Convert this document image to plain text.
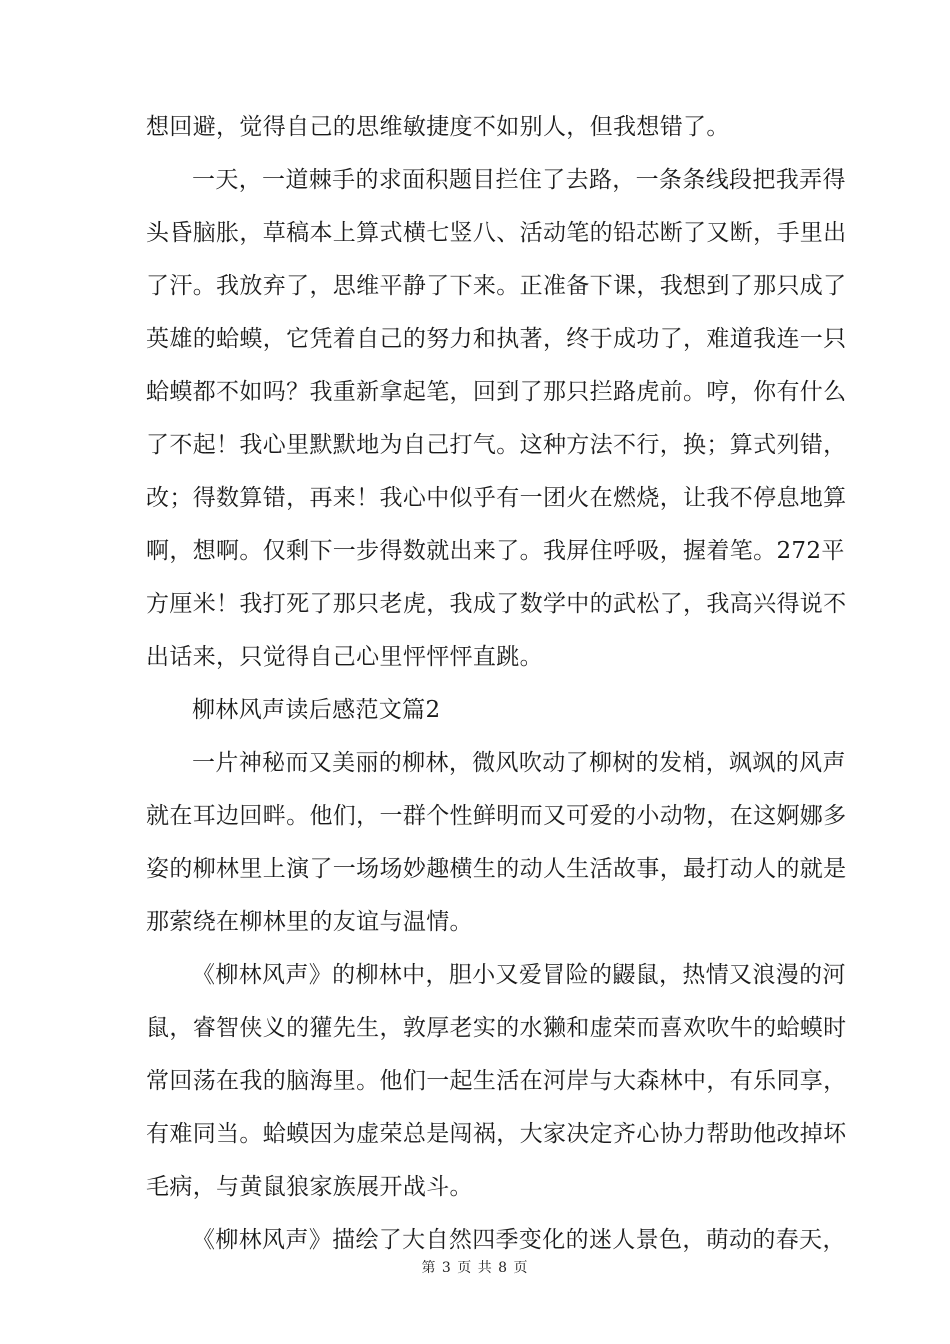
想回避，觉得自己的思维敏捷度不如别人，但我想错了。
一天，一道棘手的求面积题目拦住了去路，一条条线段把我弄得
头昏脑胀，草稿本上算式横七竖八、活动笔的铅芯断了又断，手里出
了汗。我放弃了，思维平静了下来。正准备下课，我想到了那只成了
英雄的蛤蟆，它凭着自己的努力和执著，终于成功了，难道我连一只
蛤蟆都不如吗？我重新拿起笔，回到了那只拦路虎前。哼，你有什么
了不起！我心里默默地为自己打气。这种方法不行，换；算式列错，
改；得数算错，再来！我心中似乎有一团火在燃烧，让我不停息地算
啊，想啊。仅剩下一步得数就出来了。我屏住呼吸，握着笔。272平
方厘米！我打死了那只老虎，我成了数学中的武松了，我高兴得说不
出话来，只觉得自己心里怦怦怦直跳。
柳林风声读后感范文篇2
一片神秘而又美丽的柳林，微风吹动了柳树的发梢，飒飒的风声
就在耳边回畔。他们，一群个性鲜明而又可爱的小动物，在这婀娜多
姿的柳林里上演了一场场妙趣横生的动人生活故事，最打动人的就是
那萦绕在柳林里的友谊与温情。
《柳林风声》的柳林中，胆小又爱冒险的鼹鼠，热情又浪漫的河
鼠，睿智侠义的獾先生，敦厚老实的水獭和虚荣而喜欢吹牛的蛤蟆时
常回荡在我的脑海里。他们一起生活在河岸与大森林中，有乐同享，
有难同当。蛤蟆因为虚荣总是闯祸，大家决定齐心协力帮助他改掉坏
毛病，与黄鼠狼家族展开战斗。
《柳林风声》描绘了大自然四季变化的迷人景色，萌动的春天，
第 3 页 共 8 页
